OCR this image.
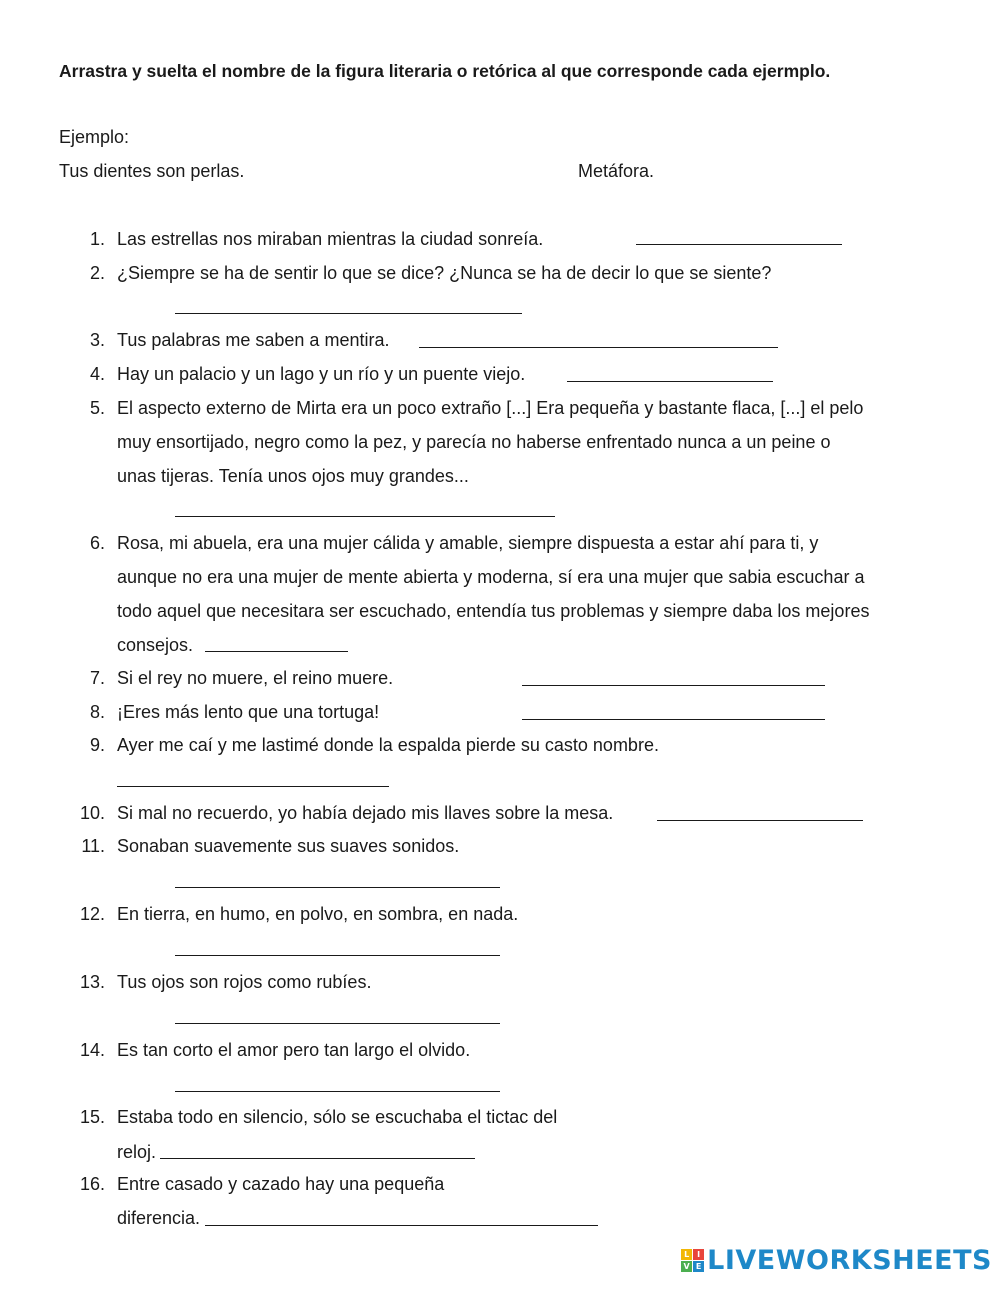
Arrastra y suelta el nombre de la figura literaria o retórica al que corresponde cada ejermplo.
Ejemplo:
Tus dientes son perlas.	Metáfora.
1. Las estrellas nos miraban mientras la ciudad sonreía.
2. ¿Siempre se ha de sentir lo que se dice? ¿Nunca se ha de decir lo que se siente?
3. Tus palabras me saben a mentira.
4. Hay un palacio y un lago y un río y un puente viejo.
5. El aspecto externo de Mirta era un poco extraño [...] Era pequeña y bastante flaca, [...] el pelo
muy ensortijado, negro como la pez, y parecía no haberse enfrentado nunca a un peine o
unas tijeras. Tenía unos ojos muy grandes...
6. Rosa, mi abuela, era una mujer cálida y amable, siempre dispuesta a estar ahí para ti, y
aunque no era una mujer de mente abierta y moderna, sí era una mujer que sabia escuchar a
todo aquel que necesitara ser escuchado, entendía tus problemas y siempre daba los mejores
consejos.
7. Si el rey no muere, el reino muere.
8. ¡Eres más lento que una tortuga!
9. Ayer me caí y me lastimé donde la espalda pierde su casto nombre.
10. Si mal no recuerdo, yo había dejado mis llaves sobre la mesa.
11. Sonaban suavemente sus suaves sonidos.
12. En tierra, en humo, en polvo, en sombra, en nada.
13. Tus ojos son rojos como rubíes.
14. Es tan corto el amor pero tan largo el olvido.
15. Estaba todo en silencio, sólo se escuchaba el tictac del
reloj.
16. Entre casado y cazado hay una pequeña
diferencia.
L I
V E LIVEWORKSHEETS
